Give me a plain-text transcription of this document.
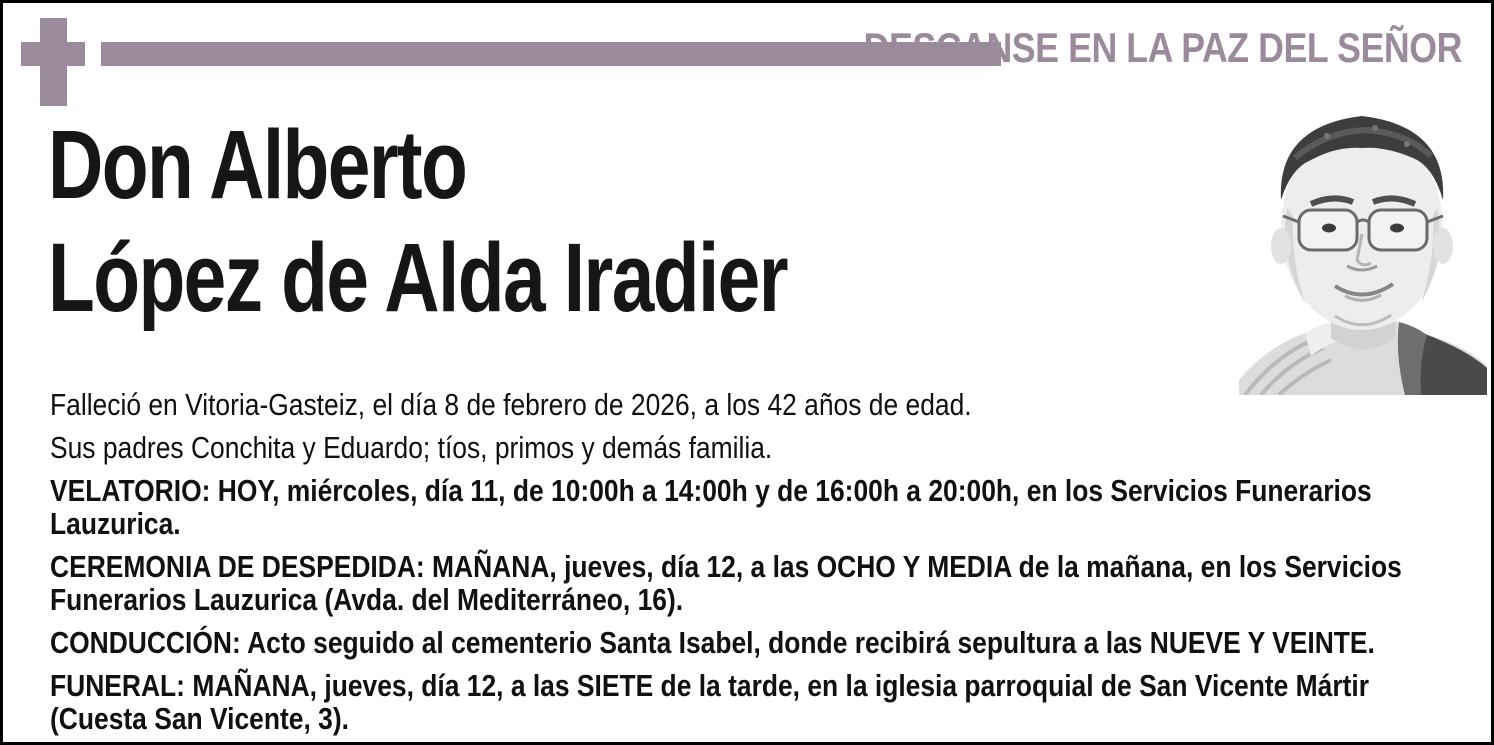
DESCANSE EN LA PAZ DEL SEÑOR
Don Alberto
López de Alda Iradier

Falleció en Vitoria-Gasteiz, el día 8 de febrero de 2026, a los 42 años de edad.

Sus padres Conchita y Eduardo; tíos, primos y demás familia.

VELATORIO: HOY, miércoles, día 11, de 10:00h a 14:00h y de 16:00h a 20:00h, en los Servicios Funerarios Lauzurica.

CEREMONIA DE DESPEDIDA: MAÑANA, jueves, día 12, a las OCHO Y MEDIA de la mañana, en los Servicios Funerarios Lauzurica (Avda. del Mediterráneo, 16).

CONDUCCIÓN: Acto seguido al cementerio Santa Isabel, donde recibirá sepultura a las NUEVE Y VEINTE.

FUNERAL: MAÑANA, jueves, día 12, a las SIETE de la tarde, en la iglesia parroquial de San Vicente Mártir (Cuesta San Vicente, 3).
